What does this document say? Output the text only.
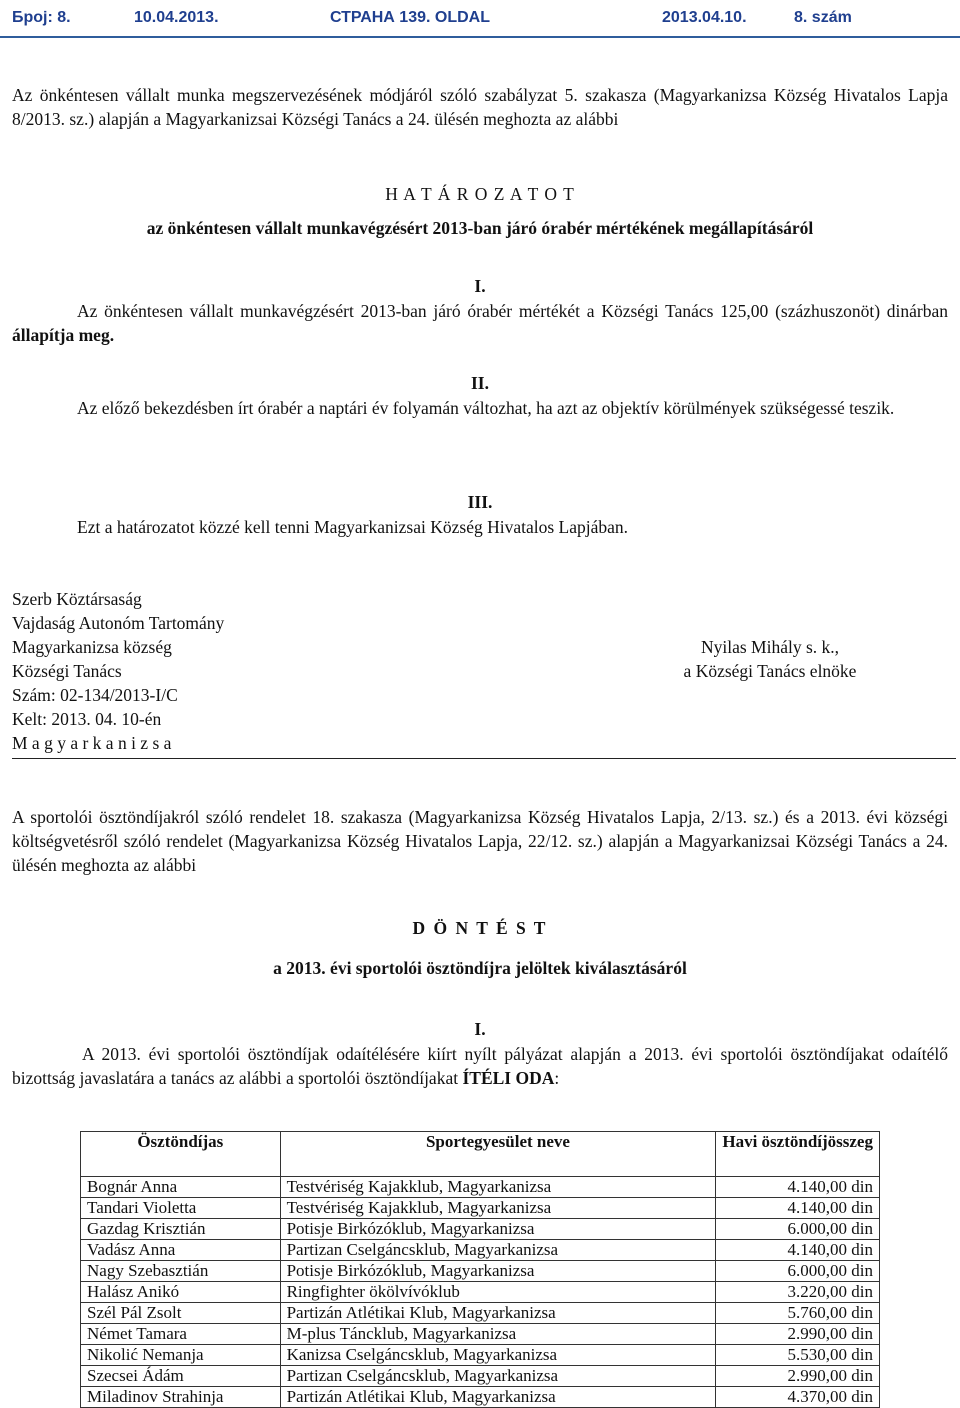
Број: 8.	10.04.2013.	СТРАНА 139. OLDAL	2013.04.10.	8. szám
Az önkéntesen vállalt munka megszervezésének módjáról szóló szabályzat 5. szakasza (Magyarkanizsa Község Hivatalos Lapja 8/2013. sz.) alapján a Magyarkanizsai Községi Tanács a 24. ülésén meghozta az alábbi
H A T Á R O Z A T O T
az önkéntesen vállalt munkavégzésért 2013-ban járó órabér mértékének megállapításáról
I.
Az önkéntesen vállalt munkavégzésért 2013-ban járó órabér mértékét a Községi Tanács 125,00 (százhuszonöt) dinárban állapítja meg.
II.
Az előző bekezdésben írt órabér a naptári év folyamán változhat, ha azt az objektív körülmények szükségessé teszik.
III.
Ezt a határozatot közzé kell tenni Magyarkanizsai Község Hivatalos Lapjában.
Szerb Köztársaság
Vajdaság Autonóm Tartomány
Magyarkanizsa község
Községi Tanács
Szám: 02-134/2013-I/C
Kelt: 2013. 04. 10-én
M a g y a r k a n i z s a
Nyilas Mihály s. k.,
a Községi Tanács elnöke
A sportolói ösztöndíjakról szóló rendelet 18. szakasza (Magyarkanizsa Község Hivatalos Lapja, 2/13. sz.) és a 2013. évi községi költségvetésről szóló rendelet (Magyarkanizsa Község Hivatalos Lapja, 22/12. sz.) alapján a Magyarkanizsai Községi Tanács a 24. ülésén meghozta az alábbi
D Ö N T É S T
a 2013. évi sportolói ösztöndíjra jelöltek kiválasztásáról
I.
A 2013. évi sportolói ösztöndíjak odaítélésére kiírt nyílt pályázat alapján a 2013. évi sportolói ösztöndíjakat odaítélő bizottság javaslatára a tanács az alábbi a sportolói ösztöndíjakat ÍTÉLI ODA:
Ösztöndíjas	Sportegyesület neve	Havi ösztöndíjösszeg
Bognár Anna	Testvériség Kajakklub, Magyarkanizsa	4.140,00 din
Tandari Violetta	Testvériség Kajakklub, Magyarkanizsa	4.140,00 din
Gazdag Krisztián	Potisje Birkózóklub, Magyarkanizsa	6.000,00 din
Vadász Anna	Partizan Cselgáncsklub, Magyarkanizsa	4.140,00 din
Nagy Szebasztián	Potisje Birkózóklub, Magyarkanizsa	6.000,00 din
Halász Anikó	Ringfighter ökölvívóklub	3.220,00 din
Szél Pál Zsolt	Partizán Atlétikai Klub, Magyarkanizsa	5.760,00 din
Német Tamara	M-plus Táncklub, Magyarkanizsa	2.990,00 din
Nikolić Nemanja	Kanizsa Cselgáncsklub, Magyarkanizsa	5.530,00 din
Szecsei Ádám	Partizan Cselgáncsklub, Magyarkanizsa	2.990,00 din
Miladinov Strahinja	Partizán Atlétikai Klub, Magyarkanizsa	4.370,00 din
